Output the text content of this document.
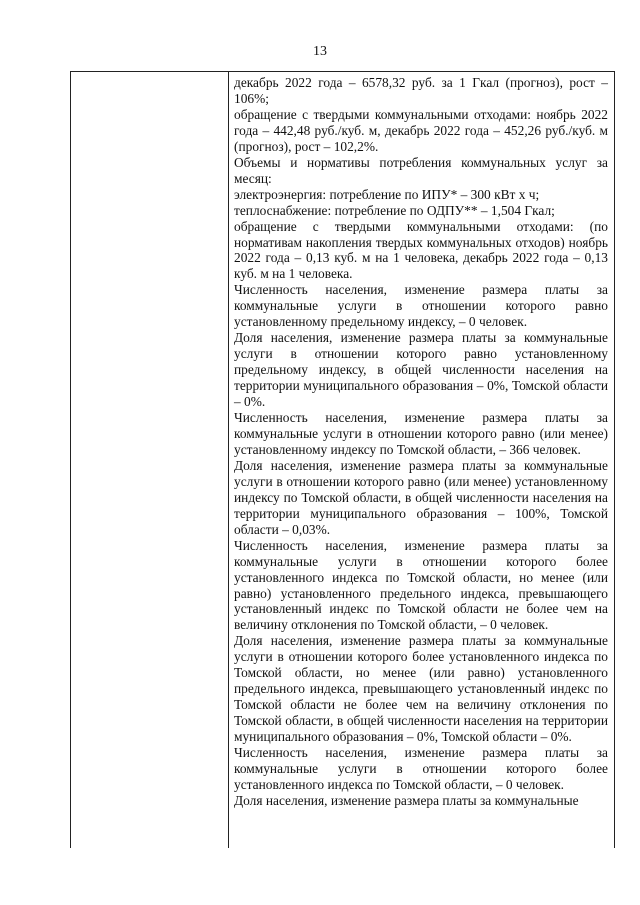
13

декабрь 2022 года – 6578,32 руб. за 1 Гкал (прогноз), рост – 106%;

обращение с твердыми коммунальными отходами: ноябрь 2022 года – 442,48 руб./куб. м, декабрь 2022 года – 452,26 руб./куб. м (прогноз), рост – 102,2%.

Объемы и нормативы потребления коммунальных услуг за месяц:

электроэнергия: потребление по ИПУ* – 300 кВт x ч;

теплоснабжение: потребление по ОДПУ** – 1,504 Гкал;

обращение с твердыми коммунальными отходами: (по нормативам накопления твердых коммунальных отходов) ноябрь 2022 года – 0,13 куб. м на 1 человека, декабрь 2022 года – 0,13 куб. м на 1 человека.

Численность населения, изменение размера платы за коммунальные услуги в отношении которого равно установленному предельному индексу, – 0 человек.

Доля населения, изменение размера платы за коммунальные услуги в отношении которого равно установленному предельному индексу, в общей численности населения на территории муниципального образования – 0%, Томской области – 0%.

Численность населения, изменение размера платы за коммунальные услуги в отношении которого равно (или менее) установленному индексу по Томской области, – 366 человек.

Доля населения, изменение размера платы за коммунальные услуги в отношении которого равно (или менее) установленному индексу по Томской области, в общей численности населения на территории муниципального образования – 100%, Томской области – 0,03%.

Численность населения, изменение размера платы за коммунальные услуги в отношении которого более установленного индекса по Томской области, но менее (или равно) установленного предельного индекса, превышающего установленный индекс по Томской области не более чем на величину отклонения по Томской области, – 0 человек.

Доля населения, изменение размера платы за коммунальные услуги в отношении которого более установленного индекса по Томской области, но менее (или равно) установленного предельного индекса, превышающего установленный индекс по Томской области не более чем на величину отклонения по Томской области, в общей численности населения на территории муниципального образования – 0%, Томской области – 0%.

Численность населения, изменение размера платы за коммунальные услуги в отношении которого более установленного индекса по Томской области, – 0 человек.

Доля населения, изменение размера платы за коммунальные
